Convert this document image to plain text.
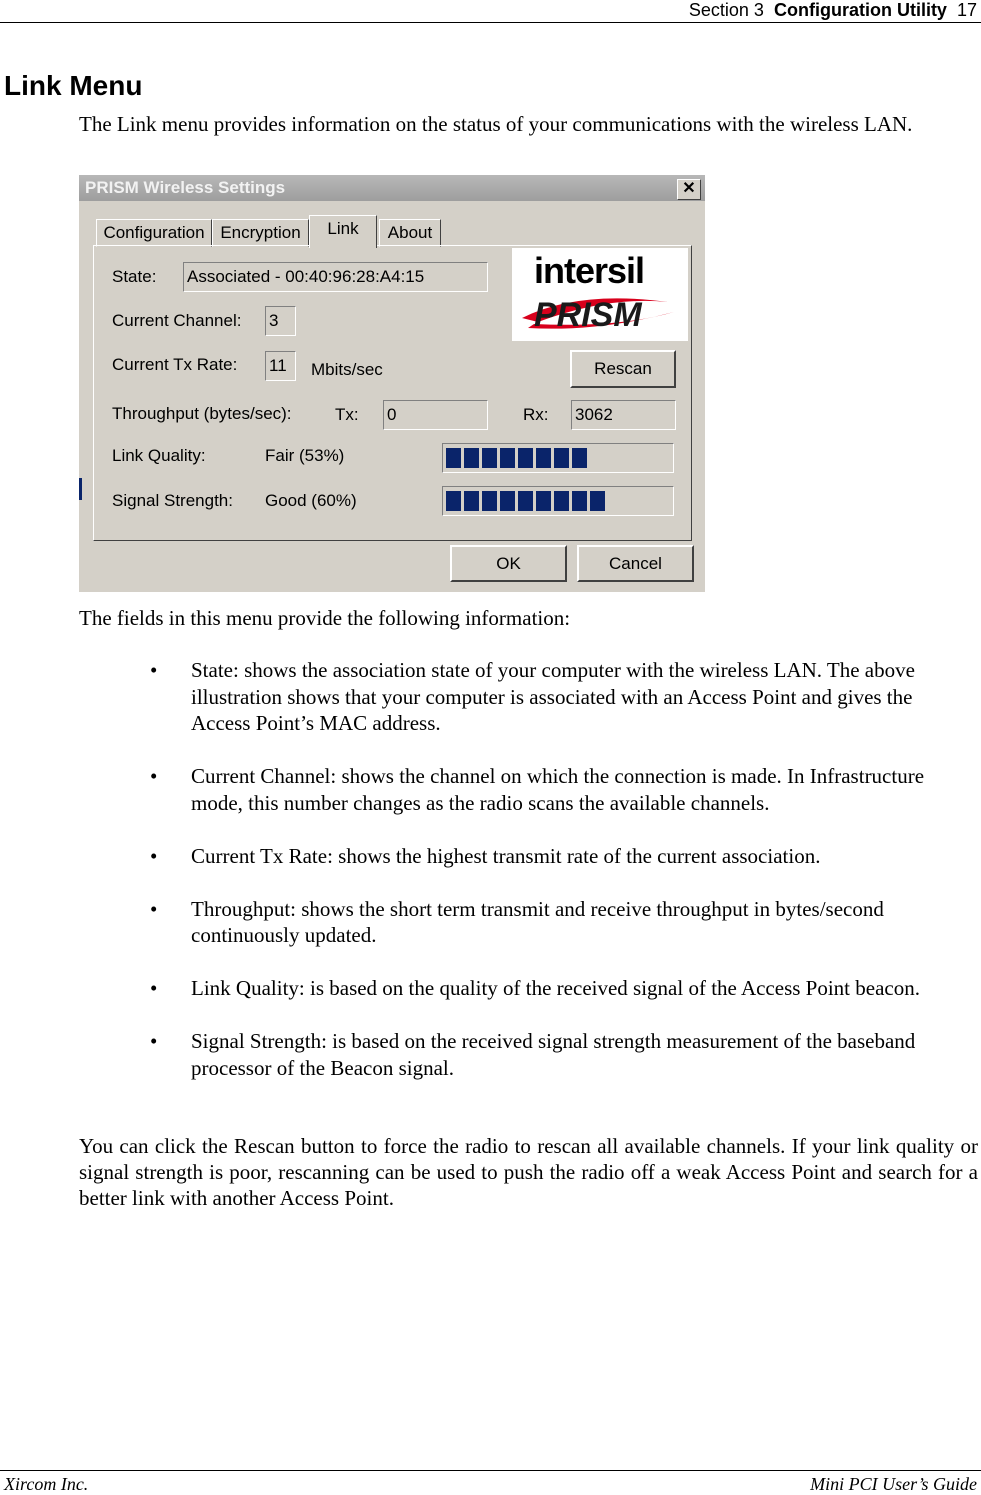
Section 3 Configuration Utility 17
Link Menu

The Link menu provides information on the status of your communications with the wireless LAN.

PRISM Wireless Settings	✕
Configuration Encryption	Link	About
State: Associated - 00:40:96:28:A4:15	intersil
PRISM
Current Channel: 3
Current Tx Rate: 11	Mbits/sec	Rescan
Throughput (bytes/sec):	Tx: 0	Rx: 3062
Link Quality:	Fair (53%)
Signal Strength: Good (60%)
OK	Cancel

The fields in this menu provide the following information:

• State: shows the association state of your computer with the wireless LAN. The above illustration shows that your computer is associated with an Access Point and gives the Access Point’s MAC address.
• Current Channel: shows the channel on which the connection is made. In Infrastructure mode, this number changes as the radio scans the available channels.
• Current Tx Rate: shows the highest transmit rate of the current association.
• Throughput: shows the short term transmit and receive throughput in bytes/second continuously updated.
• Link Quality: is based on the quality of the received signal of the Access Point beacon.
• Signal Strength: is based on the received signal strength measurement of the baseband processor of the Beacon signal.

You can click the Rescan button to force the radio to rescan all available channels. If your link quality or signal strength is poor, rescanning can be used to push the radio off a weak Access Point and search for a better link with another Access Point.

Xircom Inc.	Mini PCI User’s Guide
